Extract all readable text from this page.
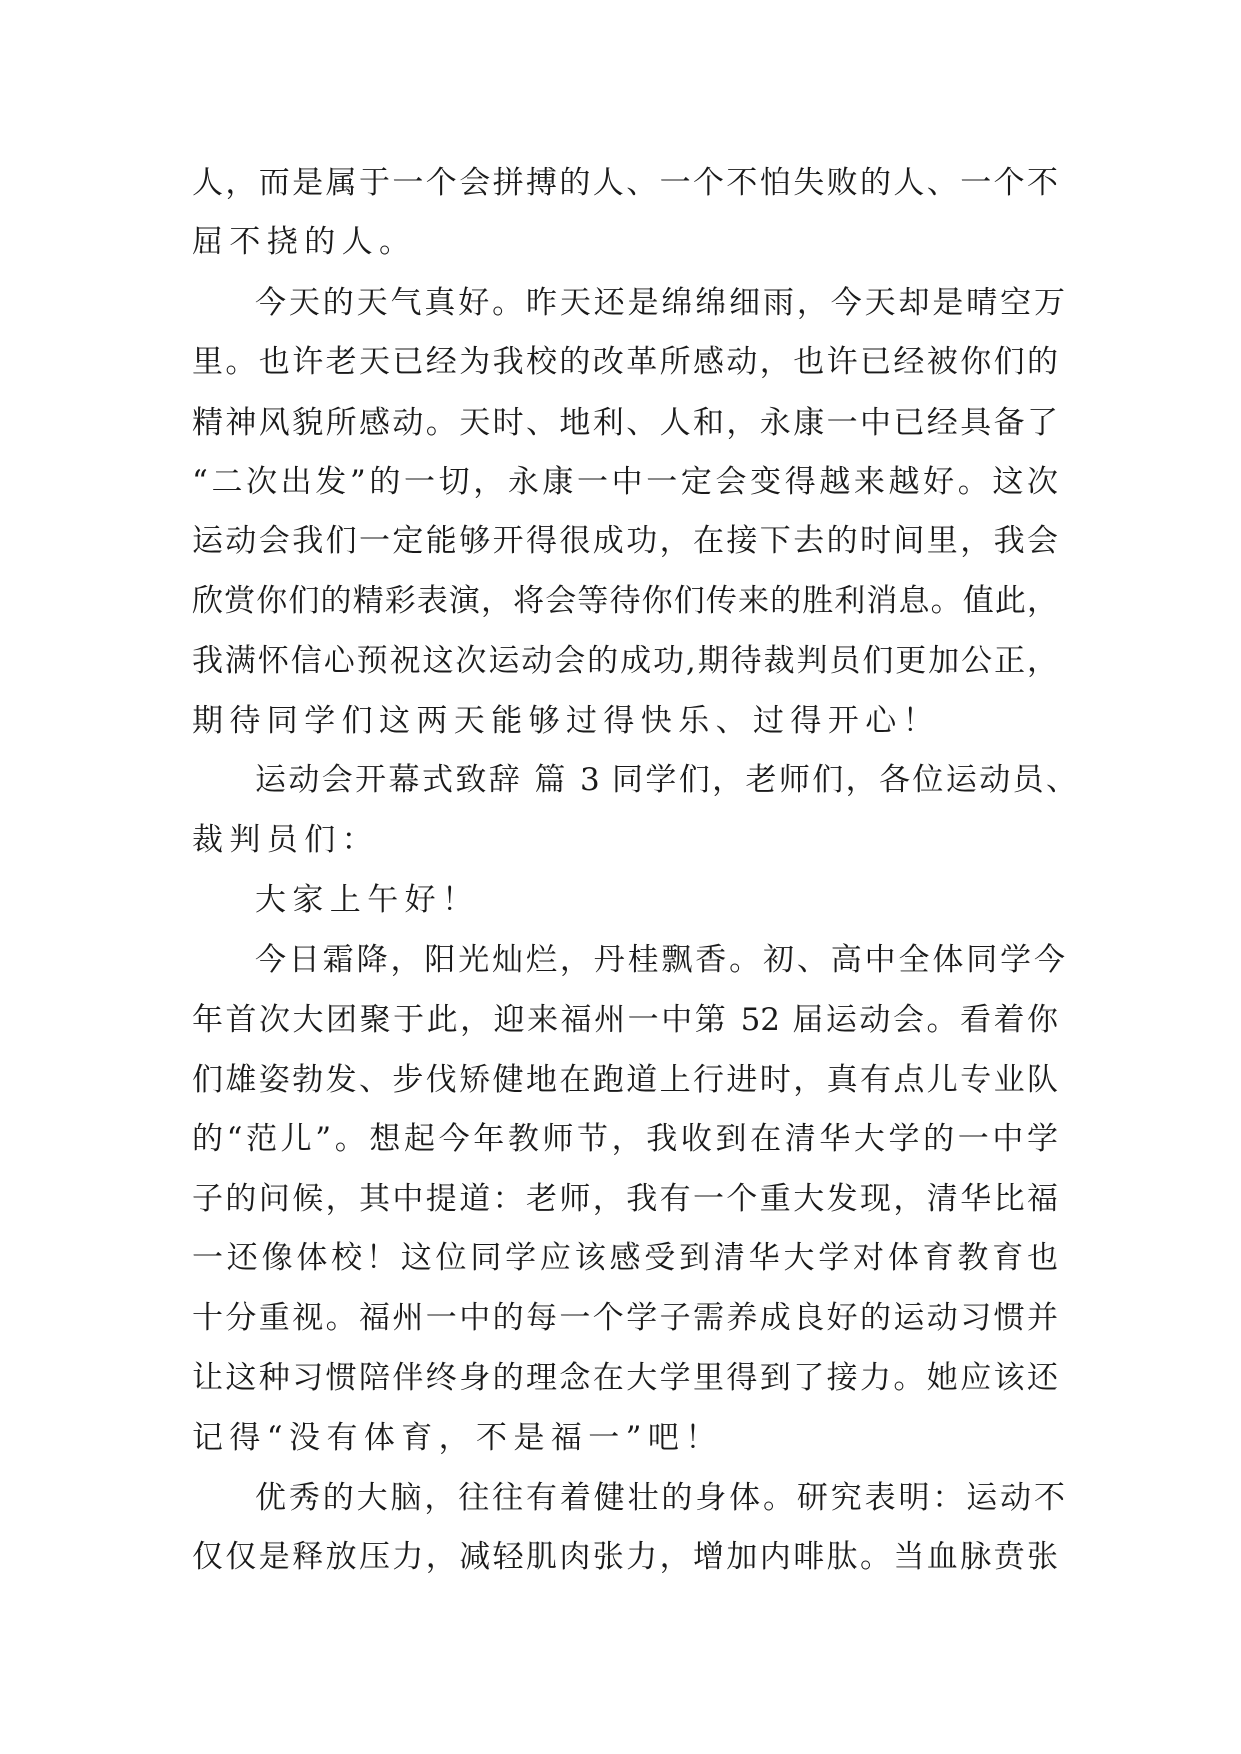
人，而是属于一个会拼搏的人、一个不怕失败的人、一个不
屈不挠的人。
今天的天气真好。昨天还是绵绵细雨，今天却是晴空万
里。也许老天已经为我校的改革所感动，也许已经被你们的
精神风貌所感动。天时、地利、人和，永康一中已经具备了
“二次出发”的一切，永康一中一定会变得越来越好。这次
运动会我们一定能够开得很成功，在接下去的时间里，我会
欣赏你们的精彩表演，将会等待你们传来的胜利消息。值此，
我满怀信心预祝这次运动会的成功,期待裁判员们更加公正，
期待同学们这两天能够过得快乐、过得开心！
运动会开幕式致辞 篇 3 同学们，老师们，各位运动员、
裁判员们：
大家上午好！
今日霜降，阳光灿烂，丹桂飘香。初、高中全体同学今
年首次大团聚于此，迎来福州一中第 52 届运动会。看着你
们雄姿勃发、步伐矫健地在跑道上行进时，真有点儿专业队
的“范儿”。想起今年教师节，我收到在清华大学的一中学
子的问候，其中提道：老师，我有一个重大发现，清华比福
一还像体校！这位同学应该感受到清华大学对体育教育也
十分重视。福州一中的每一个学子需养成良好的运动习惯并
让这种习惯陪伴终身的理念在大学里得到了接力。她应该还
记得“没有体育，不是福一”吧！
优秀的大脑，往往有着健壮的身体。研究表明：运动不
仅仅是释放压力，减轻肌肉张力，增加内啡肽。当血脉贲张
